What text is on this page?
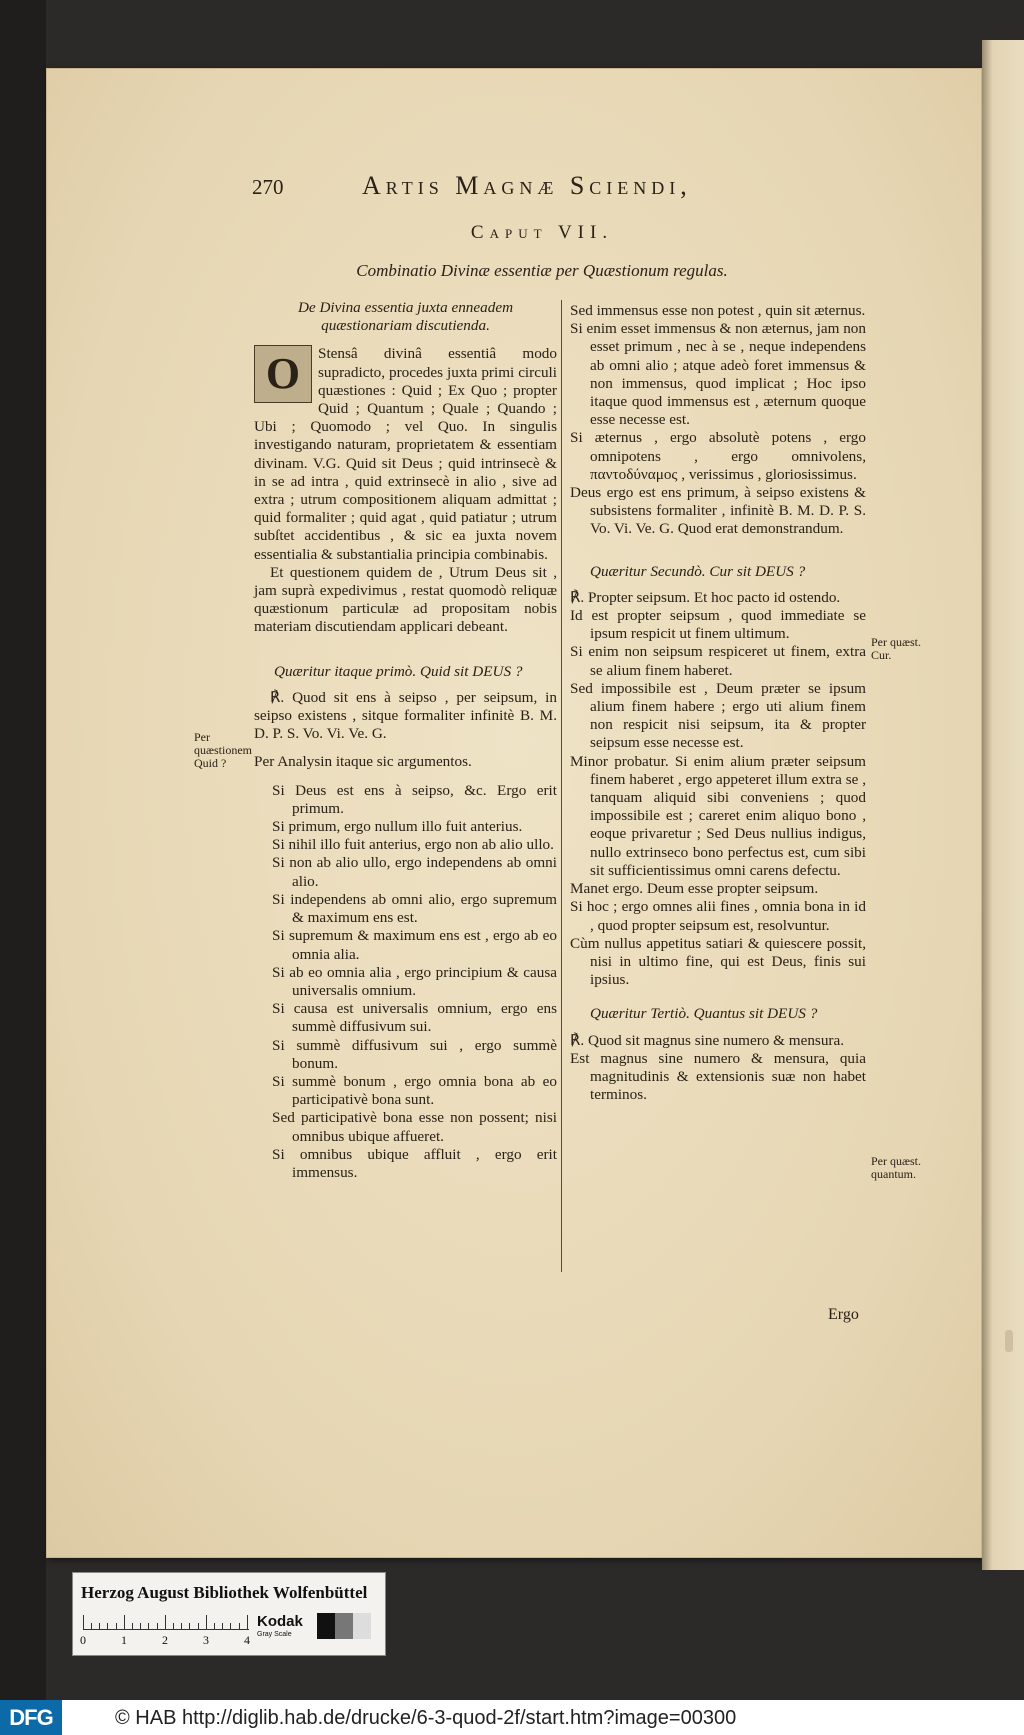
270	Artis Magnæ Sciendi,
Caput VII.
Combinatio Divinæ essentiæ per Quæstionum regulas.

De Divina essentia juxta enneadem quæstionariam discutienda.

O	Stensâ divinâ essentiâ modo supradicto, procedes juxta primi circuli quæstiones : Quid ; Ex Quo ; propter Quid ; Quantum ; Quale ; Quando ; Ubi ; Quomodo ; vel Quo. In singulis investigando naturam, proprietatem & essentiam divinam. V.G. Quid sit Deus ; quid intrinsecè & in se ad intra , quid extrinsecè in alio , sive ad extra ; utrum compositionem aliquam admittat ; quid formaliter ; quid agat , quid patiatur ; utrum subſtet accidentibus , & sic ea juxta novem essentialia & substantialia principia combinabis.

Et questionem quidem de , Utrum Deus sit , jam suprà expedivimus , restat quomodò reliquæ quæstionum particulæ ad propositam nobis materiam discutiendam applicari debeant.

Quæritur itaque primò. Quid sit DEUS ?

℟. Quod sit ens à seipso , per seipsum, in seipso existens , sitque formaliter infinitè B. M. D. P. S. Vo. Vi. Ve. G.

Per Analysin itaque sic argumentos.

Si Deus est ens à seipso, &c. Ergo erit primum.

Si primum, ergo nullum illo fuit anterius.

Si nihil illo fuit anterius, ergo non ab alio ullo.

Si non ab alio ullo, ergo independens ab omni alio.

Si independens ab omni alio, ergo supremum & maximum ens est.

Si supremum & maximum ens est , ergo ab eo omnia alia.

Si ab eo omnia alia , ergo principium & causa universalis omnium.

Si causa est universalis omnium, ergo ens summè diffusivum sui.

Si summè diffusivum sui , ergo summè bonum.

Si summè bonum , ergo omnia bona ab eo participativè bona sunt.

Sed participativè bona esse non possent; nisi omnibus ubique affueret.

Si omnibus ubique affluit , ergo erit immensus.

Sed immensus esse non potest , quin sit æternus.

Si enim esset immensus & non æternus, jam non esset primum , nec à se , neque independens ab omni alio ; atque adeò foret immensus & non immensus, quod implicat ; Hoc ipso itaque quod immensus est , æternum quoque esse necesse est.

Si æternus , ergo absolutè potens , ergo omnipotens , ergo omnivolens, παντοδύναμος , verissimus , gloriosissimus.

Deus ergo est ens primum, à seipso existens & subsistens formaliter , infinitè B. M. D. P. S. Vo. Vi. Ve. G. Quod erat demonstrandum.

Quæritur Secundò. Cur sit DEUS ?

℟. Propter seipsum. Et hoc pacto id ostendo.

Id est propter seipsum , quod immediate se ipsum respicit ut finem ultimum.

Si enim non seipsum respiceret ut finem, extra se alium finem haberet.

Sed impossibile est , Deum præter se ipsum alium finem habere ; ergo uti alium finem non respicit nisi seipsum, ita & propter seipsum esse necesse est.

Minor probatur. Si enim alium præter seipsum finem haberet , ergo appeteret illum extra se , tanquam aliquid sibi conveniens ; quod impossibile est ; careret enim aliquo bono , eoque privaretur ; Sed Deus nullius indigus, nullo extrinseco bono perfectus est, cum sibi sit sufficientissimus omni carens defectu.

Manet ergo. Deum esse propter seipsum.

Si hoc ; ergo omnes alii fines , omnia bona in id , quod propter seipsum est, resolvuntur.

Cùm nullus appetitus satiari & quiescere possit, nisi in ultimo fine, qui est Deus, finis sui ipsius.

Quæritur Tertiò. Quantus sit DEUS ?

℟. Quod sit magnus sine numero & mensura.

Est magnus sine numero & mensura, quia magnitudinis & extensionis suæ non habet terminos.

Ergo
Per quæstionem Quid ?
Per quæst. Cur.
Per quæst. quantum.
Herzog August Bibliothek Wolfenbüttel
0	1	2	3	4
Kodak
Gray Scale
DFG	© HAB http://diglib.hab.de/drucke/6-3-quod-2f/start.htm?image=00300
